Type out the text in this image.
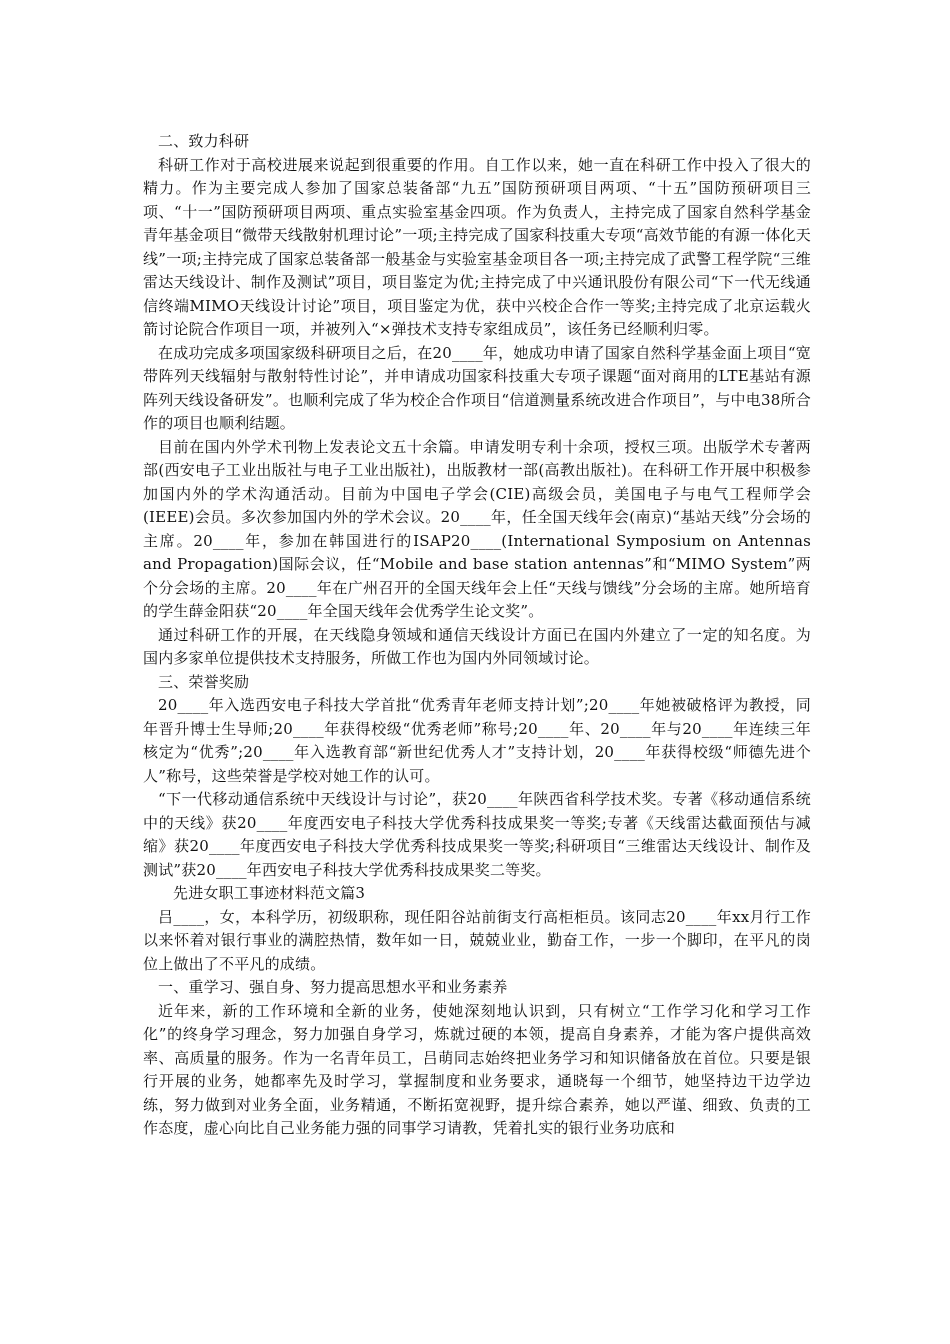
二、致力科研

科研工作对于高校进展来说起到很重要的作用。自工作以来，她一直在科研工作中投入了很大的精力。作为主要完成人参加了国家总装备部“九五”国防预研项目两项、“十五”国防预研项目三项、“十一”国防预研项目两项、重点实验室基金四项。作为负责人，主持完成了国家自然科学基金青年基金项目“微带天线散射机理讨论”一项;主持完成了国家科技重大专项“高效节能的有源一体化天线”一项;主持完成了国家总装备部一般基金与实验室基金项目各一项;主持完成了武警工程学院“三维雷达天线设计、制作及测试”项目，项目鉴定为优;主持完成了中兴通讯股份有限公司“下一代无线通信终端MIMO天线设计讨论”项目，项目鉴定为优，获中兴校企合作一等奖;主持完成了北京运载火箭讨论院合作项目一项，并被列入“×弹技术支持专家组成员”，该任务已经顺利归零。

在成功完成多项国家级科研项目之后，在20____年，她成功申请了国家自然科学基金面上项目“宽带阵列天线辐射与散射特性讨论”，并申请成功国家科技重大专项子课题“面对商用的LTE基站有源阵列天线设备研发”。也顺利完成了华为校企合作项目“信道测量系统改进合作项目”，与中电38所合作的项目也顺利结题。

目前在国内外学术刊物上发表论文五十余篇。申请发明专利十余项，授权三项。出版学术专著两部(西安电子工业出版社与电子工业出版社)，出版教材一部(高教出版社)。在科研工作开展中积极参加国内外的学术沟通活动。目前为中国电子学会(CIE)高级会员，美国电子与电气工程师学会(IEEE)会员。多次参加国内外的学术会议。20____年，任全国天线年会(南京)“基站天线”分会场的主席。20____年，参加在韩国进行的ISAP20____(International Symposium on Antennas and Propagation)国际会议，任“Mobile and base station antennas”和“MIMO System”两个分会场的主席。20____年在广州召开的全国天线年会上任“天线与馈线”分会场的主席。她所培育的学生薛金阳获“20____年全国天线年会优秀学生论文奖”。

通过科研工作的开展，在天线隐身领域和通信天线设计方面已在国内外建立了一定的知名度。为国内多家单位提供技术支持服务，所做工作也为国内外同领域讨论。

三、荣誉奖励

20____年入选西安电子科技大学首批“优秀青年老师支持计划”;20____年她被破格评为教授，同年晋升博士生导师;20____年获得校级“优秀老师”称号;20____年、20____年与20____年连续三年核定为“优秀”;20____年入选教育部“新世纪优秀人才”支持计划，20____年获得校级“师德先进个人”称号，这些荣誉是学校对她工作的认可。

“下一代移动通信系统中天线设计与讨论”，获20____年陕西省科学技术奖。专著《移动通信系统中的天线》获20____年度西安电子科技大学优秀科技成果奖一等奖;专著《天线雷达截面预估与减缩》获20____年度西安电子科技大学优秀科技成果奖一等奖;科研项目“三维雷达天线设计、制作及测试”获20____年西安电子科技大学优秀科技成果奖二等奖。

先进女职工事迹材料范文篇3

吕____，女，本科学历，初级职称，现任阳谷站前街支行高柜柜员。该同志20____年xx月行工作以来怀着对银行事业的满腔热情，数年如一日，兢兢业业，勤奋工作，一步一个脚印，在平凡的岗位上做出了不平凡的成绩。

一、重学习、强自身、努力提高思想水平和业务素养

近年来，新的工作环境和全新的业务，使她深刻地认识到，只有树立“工作学习化和学习工作化”的终身学习理念，努力加强自身学习，炼就过硬的本领，提高自身素养，才能为客户提供高效率、高质量的服务。作为一名青年员工，吕萌同志始终把业务学习和知识储备放在首位。只要是银行开展的业务，她都率先及时学习，掌握制度和业务要求，通晓每一个细节，她坚持边干边学边练，努力做到对业务全面，业务精通，不断拓宽视野，提升综合素养，她以严谨、细致、负责的工作态度，虚心向比自己业务能力强的同事学习请教，凭着扎实的银行业务功底和
